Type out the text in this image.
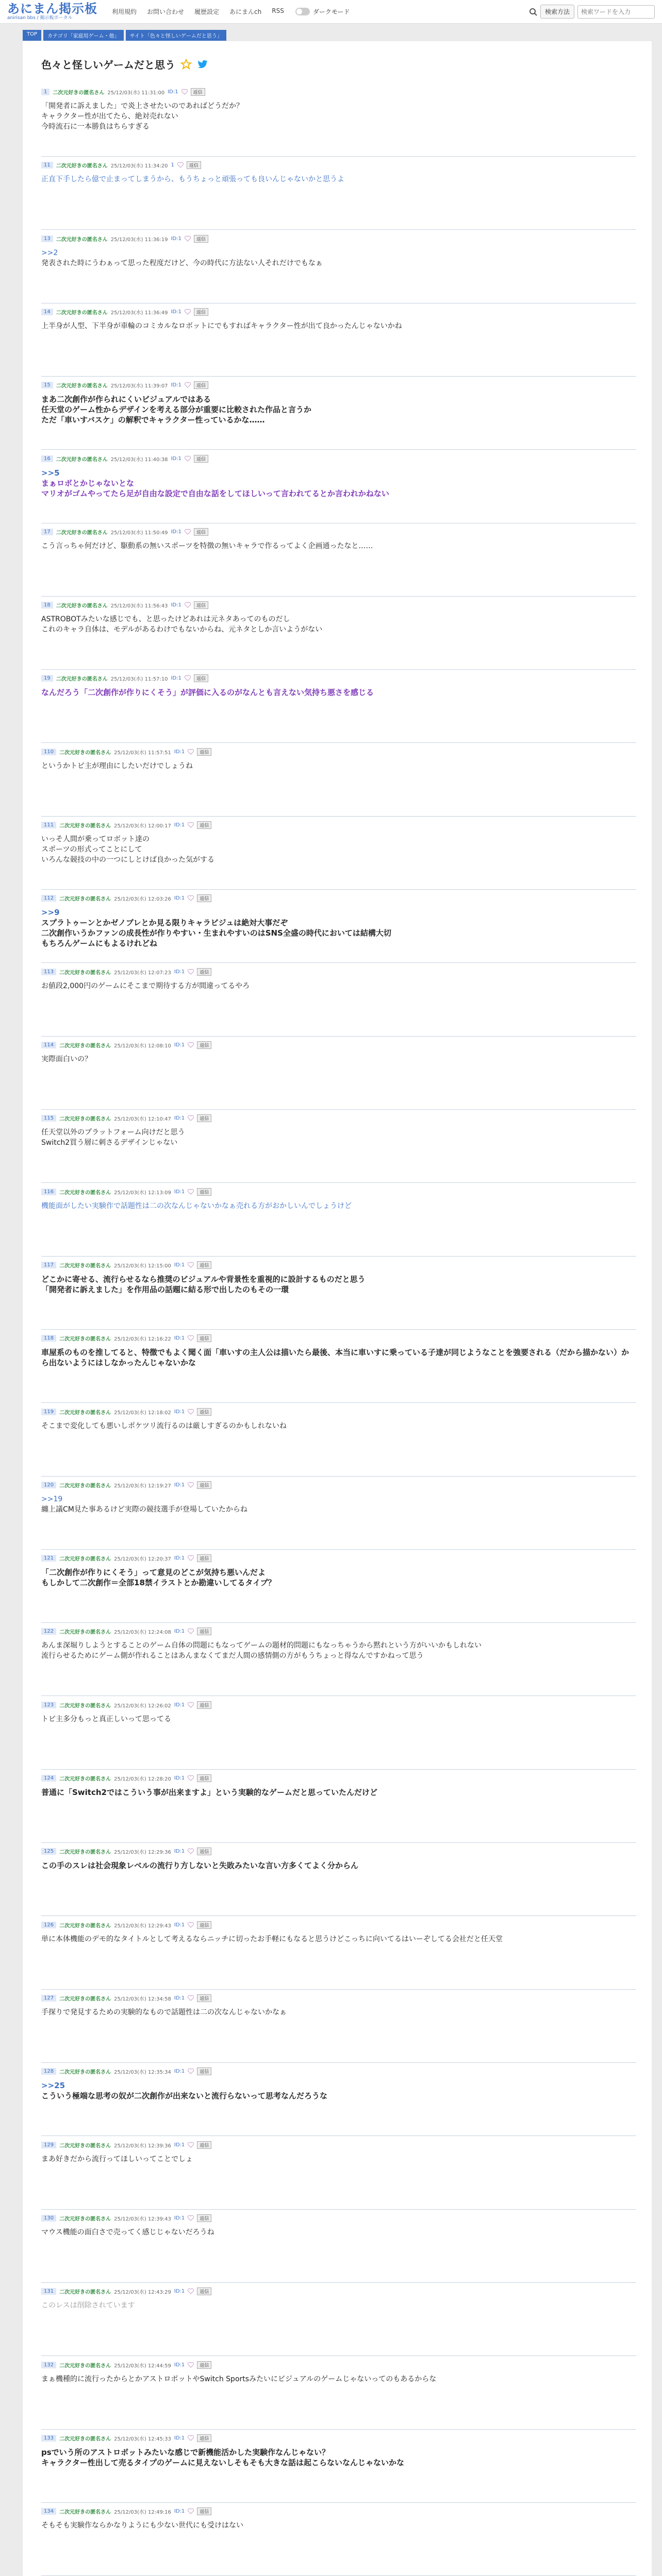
あにまん掲示板
anirisan bbs / 掲示板ポータル
利用規約 お問い合わせ 履歴設定 あにまんch RSS	ダークモード	検索方法
検索ワードを入力
TOP	カテゴリ「家庭用ゲーム・他」	サイト「色々と怪しいゲームだと思う」
色々と怪しいゲームだと思う
1	二次元好きの匿名さん 25/12/03(水) 11:31:00 ID:1	返信
「開発者に訴えました」で炎上させたいのであればどうだか？
キャラクター性が出てたら、絶対売れない
今時流石に一本勝負はちらすぎる
11	二次元好きの匿名さん 25/12/03(水) 11:34:20 1	返信
正直下手したら億で止まってしまうから、もうちょっと頑張っても良いんじゃないかと思うよ
13	二次元好きの匿名さん 25/12/03(水) 11:36:19 ID:1	返信
>>2
発表された時にうわぁって思った程度だけど、今の時代に方法ない人それだけでもなぁ
14	二次元好きの匿名さん 25/12/03(水) 11:36:49 ID:1	返信
上半身が人型、下半身が車輪のコミカルなロボットにでもすればキャラクター性が出て良かったんじゃないかね
15	二次元好きの匿名さん 25/12/03(水) 11:39:07 ID:1	返信
まあ二次創作が作られにくいビジュアルではある
任天堂のゲーム性からデザインを考える部分が重要に比較された作品と言うか
ただ「車いすバスケ」の解釈でキャラクター性っているかな……
16	二次元好きの匿名さん 25/12/03(水) 11:40:38 ID:1	返信
>>5
まぁロボとかじゃないとな
マリオがゴムやってたら足が自由な設定で自由な話をしてほしいって言われてるとか言われかねない
17	二次元好きの匿名さん 25/12/03(水) 11:50:49 ID:1	返信
こう言っちゃ何だけど、駆動系の無いスポーツを特徴の無いキャラで作るってよく企画通ったなと……
18	二次元好きの匿名さん 25/12/03(水) 11:56:43 ID:1	返信
ASTROBOTみたいな感じでも、と思ったけどあれは元ネタあってのものだし
これのキャラ自体は、モデルがあるわけでもないからね、元ネタとしか言いようがない
19	二次元好きの匿名さん 25/12/03(水) 11:57:10 ID:1	返信
なんだろう「二次創作が作りにくそう」が評価に入るのがなんとも言えない気持ち悪さを感じる
110	二次元好きの匿名さん 25/12/03(水) 11:57:51 ID:1	返信
というかトピ主が理由にしたいだけでしょうね
111	二次元好きの匿名さん 25/12/03(水) 12:00:17 ID:1	返信
いっそ人間が乗ってロボット達の
スポーツの形式ってことにして
いろんな競技の中の一つにしとけば良かった気がする
112	二次元好きの匿名さん 25/12/03(水) 12:03:26 ID:1	返信
>>9
スプラトゥーンとかゼノブレとか見る限りキャラビジュは絶対大事だぞ
二次創作いうかファンの成長性が作りやすい・生まれやすいのはSNS全盛の時代においては結構大切
もちろんゲームにもよるけれどね
113	二次元好きの匿名さん 25/12/03(水) 12:07:23 ID:1	返信
お値段2,000円のゲームにそこまで期待する方が間違ってるやろ
114	二次元好きの匿名さん 25/12/03(水) 12:08:10 ID:1	返信
実際面白いの？
115	二次元好きの匿名さん 25/12/03(水) 12:10:47 ID:1	返信
任天堂以外のプラットフォーム向けだと思う
Switch2買う層に刺さるデザインじゃない
116	二次元好きの匿名さん 25/12/03(水) 12:13:09 ID:1	返信
機能面がしたい実験作で話題性は二の次なんじゃないかなぁ売れる方がおかしいんでしょうけど
117	二次元好きの匿名さん 25/12/03(水) 12:15:00 ID:1	返信
どこかに寄せる、流行らせるなら推奨のビジュアルや背景性を重視的に設計するものだと思う
「開発者に訴えました」を作用品の話題に結る形で出したのもその一環
118	二次元好きの匿名さん 25/12/03(水) 12:16:22 ID:1	返信
車屋系のものを推してると、特徴でもよく聞く面「車いすの主人公は描いたら最後、本当に車いすに乗っている子達が同じようなことを強要される（だから描かない）から出ないようにはしなかったんじゃないかな
119	二次元好きの匿名さん 25/12/03(水) 12:18:02 ID:1	返信
そこまで変化しても悪いしポケツリ流行るのは厳しすぎるのかもしれないね
120	二次元好きの匿名さん 25/12/03(水) 12:19:27 ID:1	返信
>>19
纏上議CM見た事あるけど実際の競技選手が登場していたからね
121	二次元好きの匿名さん 25/12/03(水) 12:20:37 ID:1	返信
「二次創作が作りにくそう」って意見のどこが気持ち悪いんだよ
もしかして二次創作＝全部18禁イラストとか勘違いしてるタイプ？
122	二次元好きの匿名さん 25/12/03(水) 12:24:08 ID:1	返信
あんま深堀りしようとすることのゲーム自体の問題にもなってゲームの題材的問題にもなっちゃうから黙れという方がいいかもしれない
流行らせるためにゲーム側が作れることはあんまなくてまだ人間の感情側の方がもうちょっと得なんですかねって思う
123	二次元好きの匿名さん 25/12/03(水) 12:26:02 ID:1	返信
トピ主多分もっと真正しいって思ってる
124	二次元好きの匿名さん 25/12/03(水) 12:28:20 ID:1	返信
普通に「Switch2ではこういう事が出来ますよ」という実験的なゲームだと思っていたんだけど
125	二次元好きの匿名さん 25/12/03(水) 12:29:36 ID:1	返信
この手のスレは社会現象レベルの流行り方しないと失敗みたいな言い方多くてよく分からん
126	二次元好きの匿名さん 25/12/03(水) 12:29:43 ID:1	返信
単に本体機能のデモ的なタイトルとして考えるならニッチに切ったお手軽にもなると思うけどこっちに向いてるはいーぞしてる会社だと任天堂
127	二次元好きの匿名さん 25/12/03(水) 12:34:58 ID:1	返信
手探りで発見するための実験的なもので話題性は二の次なんじゃないかなぁ
128	二次元好きの匿名さん 25/12/03(水) 12:35:34 ID:1	返信
>>25
こういう極端な思考の奴が二次創作が出来ないと流行らないって思考なんだろうな
129	二次元好きの匿名さん 25/12/03(水) 12:39:36 ID:1	返信
まあ好きだから流行ってほしいってことでしょ
130	二次元好きの匿名さん 25/12/03(水) 12:39:43 ID:1	返信
マウス機能の面白さで売ってく感じじゃないだろうね
131	二次元好きの匿名さん 25/12/03(水) 12:43:29 ID:1	返信
このレスは削除されています
132	二次元好きの匿名さん 25/12/03(水) 12:44:59 ID:1	返信
まぁ機種的に流行ったからとかアストロボットやSwitch Sportsみたいにビジュアルのゲームじゃないってのもあるからな
133	二次元好きの匿名さん 25/12/03(水) 12:45:33 ID:1	返信
psでいう所のアストロボットみたいな感じで新機能活かした実験作なんじゃない？
キャラクター性出して売るタイプのゲームに見えないしそもそも大きな話は起こらないなんじゃないかな
134	二次元好きの匿名さん 25/12/03(水) 12:49:16 ID:1	返信
そもそも実験作ならかなりようにも少ない世代にも受けはない
